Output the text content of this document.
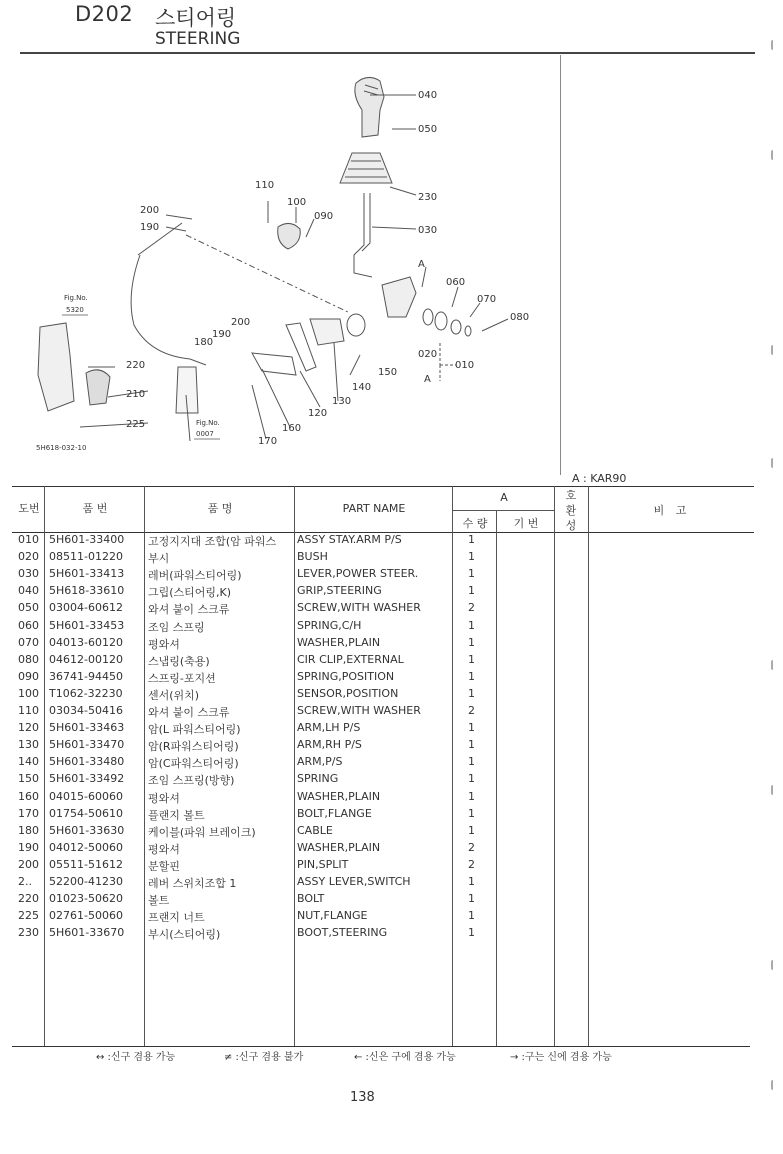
D202 스티어링
STEERING
040
050
230
030
110
100
090
200
190
A
060
070
080
020
010
A
200
190
180
220
210
225
150
140
130
120
160
170
Fig.No.
5320
Fig.No.
0007
5H618-032-10
A : KAR90
도번	품 번	품 명	PART NAME
A
수 량	기 번
호환성
비 고
010 5H601-33400 고정지지대 조합(암 파워스	ASSY STAY.ARM P/S	1
020 08511-01220 부시	BUSH	1
030 5H601-33413 레버(파워스티어링)	LEVER,POWER STEER.	1
040 5H618-33610 그립(스티어링,K)	GRIP,STEERING	1
050 03004-60612 와셔 붙이 스크류	SCREW,WITH WASHER	2
060 5H601-33453 조임 스프링	SPRING,C/H	1
070 04013-60120 평와셔	WASHER,PLAIN	1
080 04612-00120 스냅링(축용)	CIR CLIP,EXTERNAL	1
090 36741-94450 스프링-포지션	SPRING,POSITION	1
100 T1062-32230 센서(위치)	SENSOR,POSITION	1
110 03034-50416 와셔 붙이 스크류	SCREW,WITH WASHER	2
120 5H601-33463 암(L 파워스티어링)	ARM,LH P/S	1
130 5H601-33470 암(R파워스티어링)	ARM,RH P/S	1
140 5H601-33480 암(C파워스티어링)	ARM,P/S	1
150 5H601-33492 조임 스프링(방향)	SPRING	1
160 04015-60060 평와셔	WASHER,PLAIN	1
170 01754-50610 플랜지 볼트	BOLT,FLANGE	1
180 5H601-33630 케이블(파워 브레이크)	CABLE	1
190 04012-50060 평와셔	WASHER,PLAIN	2
200 05511-51612 분할핀	PIN,SPLIT	2
2..	52200-41230 레버 스위치조합 1	ASSY LEVER,SWITCH	1
220 01023-50620 볼트	BOLT	1
225 02761-50060 프랜지 너트	NUT,FLANGE	1
230 5H601-33670 부시(스티어링)	BOOT,STEERING	1
↔ :신구 겸용 가능	≠ :신구 겸용 불가	← :신은 구에 겸용 가능	→ :구는 신에 겸용 가능
138
